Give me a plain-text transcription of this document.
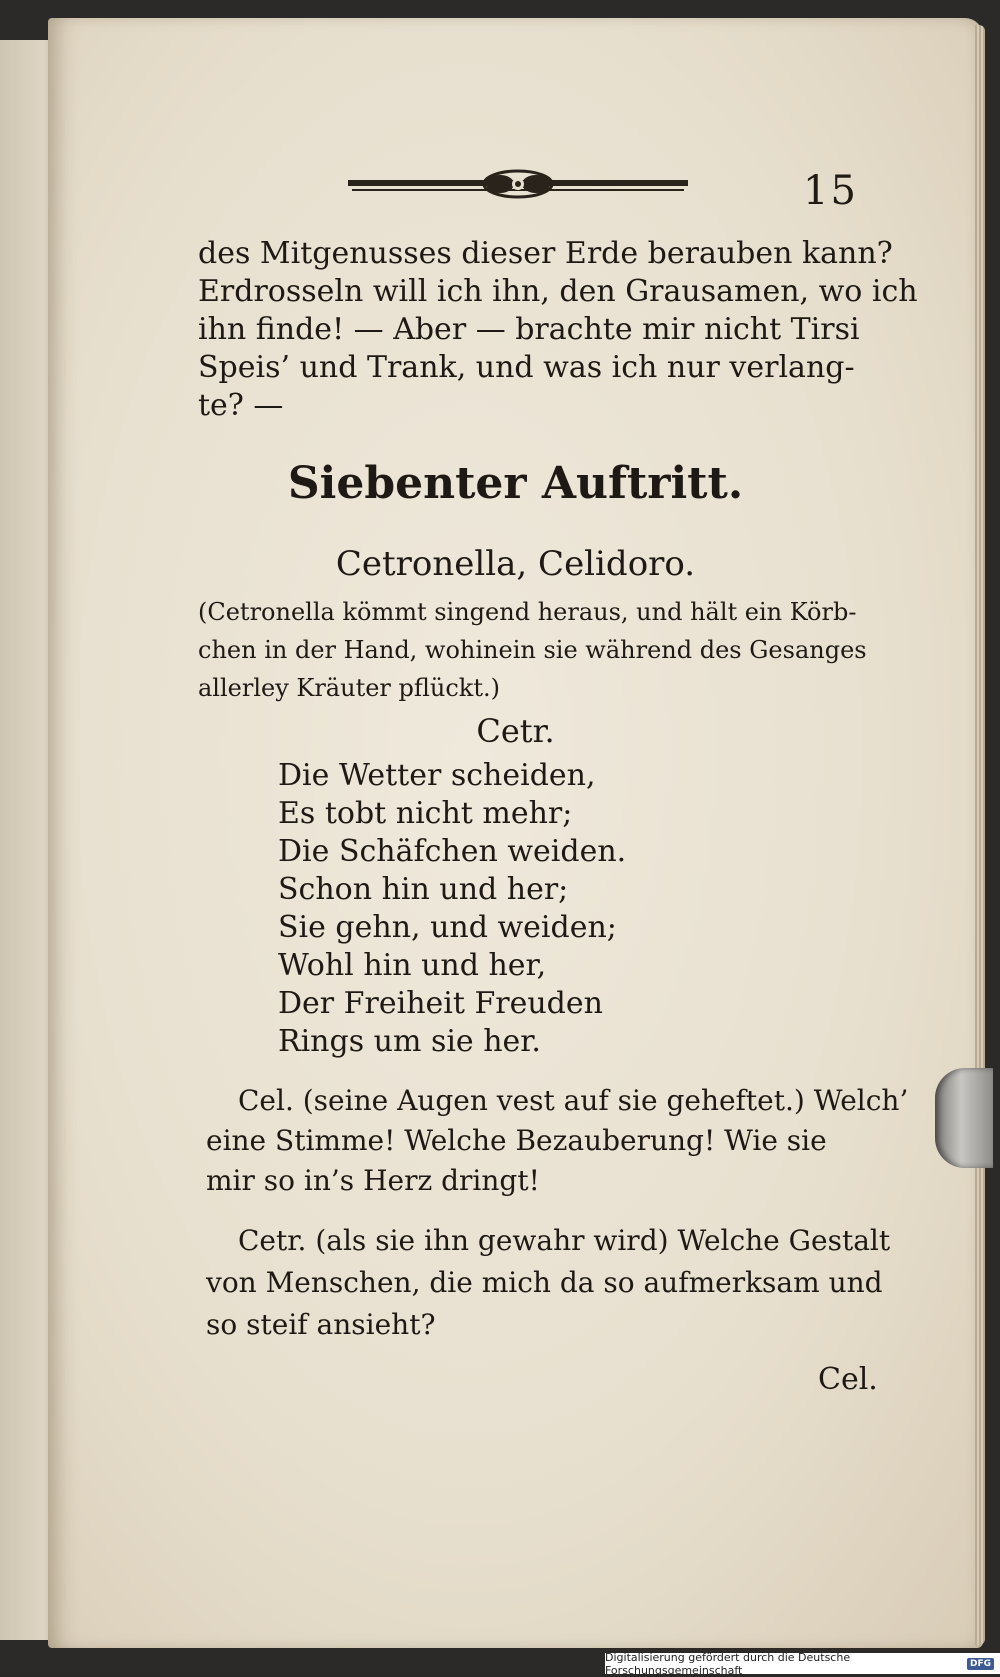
15
des Mitgenusses dieser Erde berauben kann?
Erdrosseln will ich ihn, den Grausamen, wo ich
ihn finde! — Aber — brachte mir nicht Tirsi
Speis’ und Trank, und was ich nur verlang-
te? —
Siebenter Auftritt.
Cetronella, Celidoro.
(Cetronella kömmt singend heraus, und hält ein Körb-
chen in der Hand, wohinein sie während des Gesanges
allerley Kräuter pflückt.)
Cetr.
Die Wetter scheiden,
Es tobt nicht mehr;
Die Schäfchen weiden.
Schon hin und her;
Sie gehn, und weiden;
Wohl hin und her,
Der Freiheit Freuden
Rings um sie her.
Cel. (seine Augen vest auf sie geheftet.) Welch’
eine Stimme! Welche Bezauberung! Wie sie
mir so in’s Herz dringt!
Cetr. (als sie ihn gewahr wird) Welche Gestalt
von Menschen, die mich da so aufmerksam und
so steif ansieht?
Cel.
Digitalisierung gefördert durch die Deutsche Forschungsgemeinschaft	DFG
